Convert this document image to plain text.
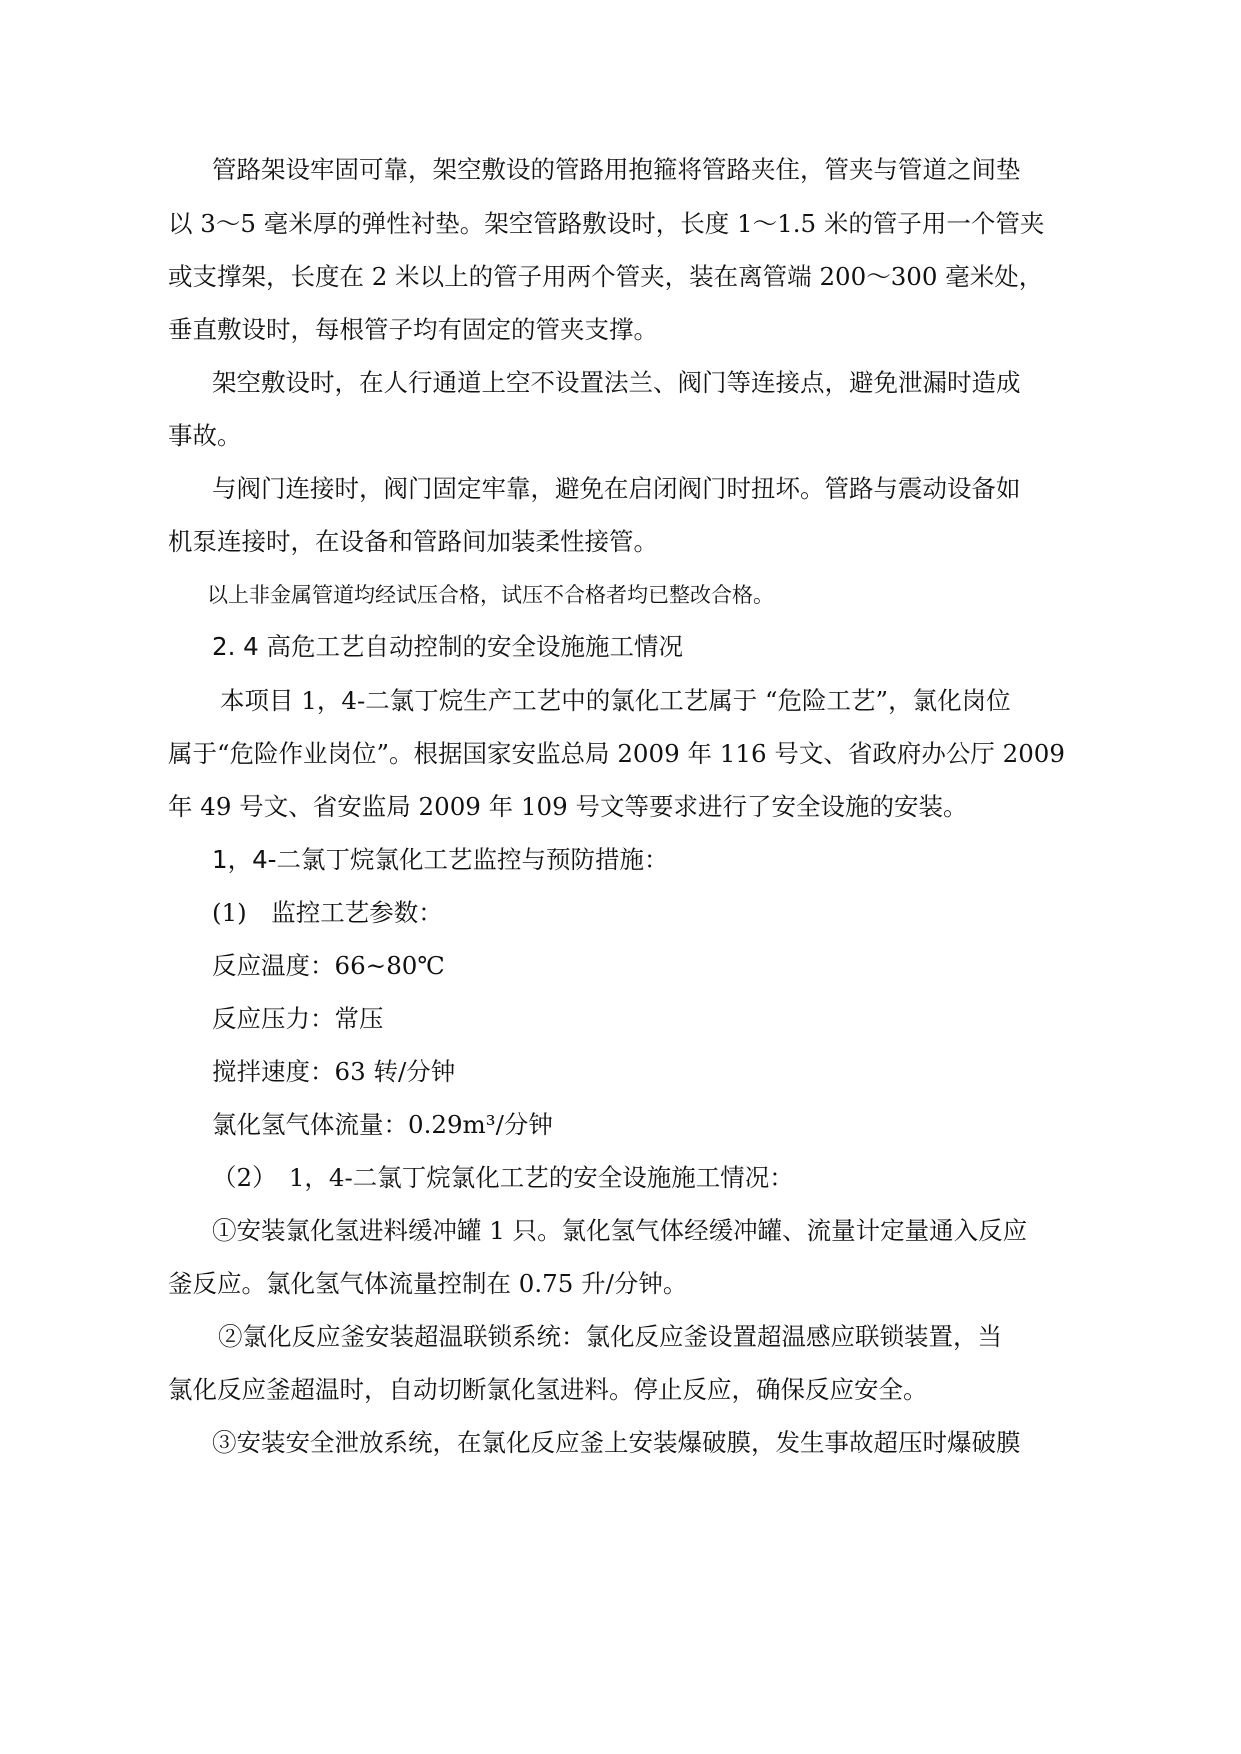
管路架设牢固可靠，架空敷设的管路用抱箍将管路夹住，管夹与管道之间垫
以 3～5 毫米厚的弹性衬垫。架空管路敷设时，长度 1～1.5 米的管子用一个管夹
或支撑架，长度在 2 米以上的管子用两个管夹，装在离管端 200～300 毫米处，
垂直敷设时，每根管子均有固定的管夹支撑。
架空敷设时，在人行通道上空不设置法兰、阀门等连接点，避免泄漏时造成
事故。
与阀门连接时，阀门固定牢靠，避免在启闭阀门时扭坏。管路与震动设备如
机泵连接时，在设备和管路间加装柔性接管。
以上非金属管道均经试压合格，试压不合格者均已整改合格。
2. 4 高危工艺自动控制的安全设施施工情况
本项目 1，4-二氯丁烷生产工艺中的氯化工艺属于 “危险工艺”，氯化岗位
属于“危险作业岗位”。根据国家安监总局 2009 年 116 号文、省政府办公厅 2009
年 49 号文、省安监局 2009 年 109 号文等要求进行了安全设施的安装。
1，4-二氯丁烷氯化工艺监控与预防措施：
(1)　监控工艺参数：
反应温度：66~80℃
反应压力：常压
搅拌速度：63 转/分钟
氯化氢气体流量：0.29m³/分钟
（2）　1，4-二氯丁烷氯化工艺的安全设施施工情况：
①安装氯化氢进料缓冲罐 1 只。氯化氢气体经缓冲罐、流量计定量通入反应
釜反应。氯化氢气体流量控制在 0.75 升/分钟。
②氯化反应釜安装超温联锁系统：氯化反应釜设置超温感应联锁装置，当
氯化反应釜超温时，自动切断氯化氢进料。停止反应，确保反应安全。
③安装安全泄放系统，在氯化反应釜上安装爆破膜，发生事故超压时爆破膜
